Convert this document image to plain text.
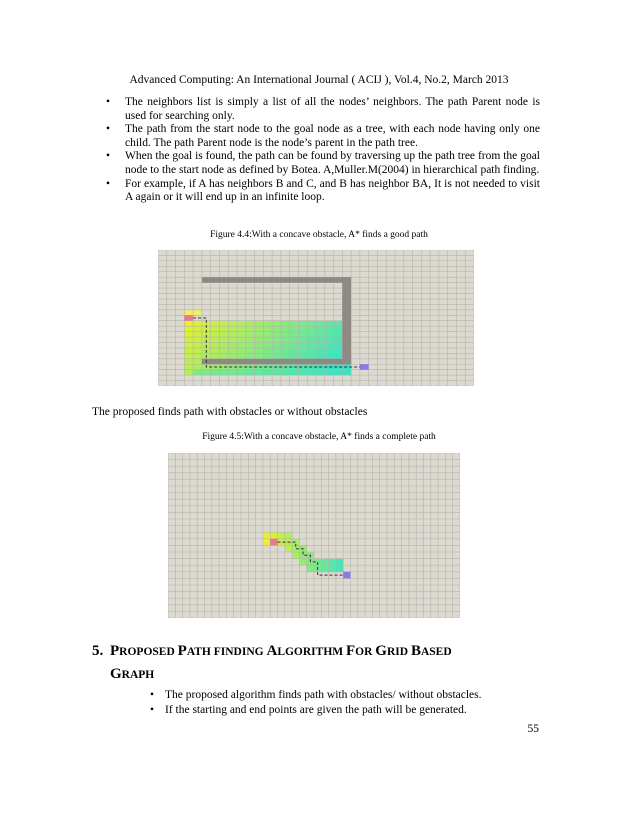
Advanced Computing: An International Journal ( ACIJ ), Vol.4, No.2, March 2013
• The neighbors list is simply a list of all the nodes’ neighbors. The path Parent node is used for searching only.
• The path from the start node to the goal node as a tree, with each node having only one child. The path Parent node is the node’s parent in the path tree.
• When the goal is found, the path can be found by traversing up the path tree from the goal node to the start node as defined by Botea. A,Muller.M(2004) in hierarchical path finding.
• For example, if A has neighbors B and C, and B has neighbor BA, It is not needed to visit A again or it will end up in an infinite loop.
Figure 4.4:With a concave obstacle, A* finds a good path
The proposed finds path with obstacles or without obstacles
Figure 4.5:With a concave obstacle, A* finds a complete path
5. PROPOSED PATH FINDING ALGORITHM FOR GRID BASED
GRAPH
• The proposed algorithm finds path with obstacles/ without obstacles.
• If the starting and end points are given the path will be generated.
55
